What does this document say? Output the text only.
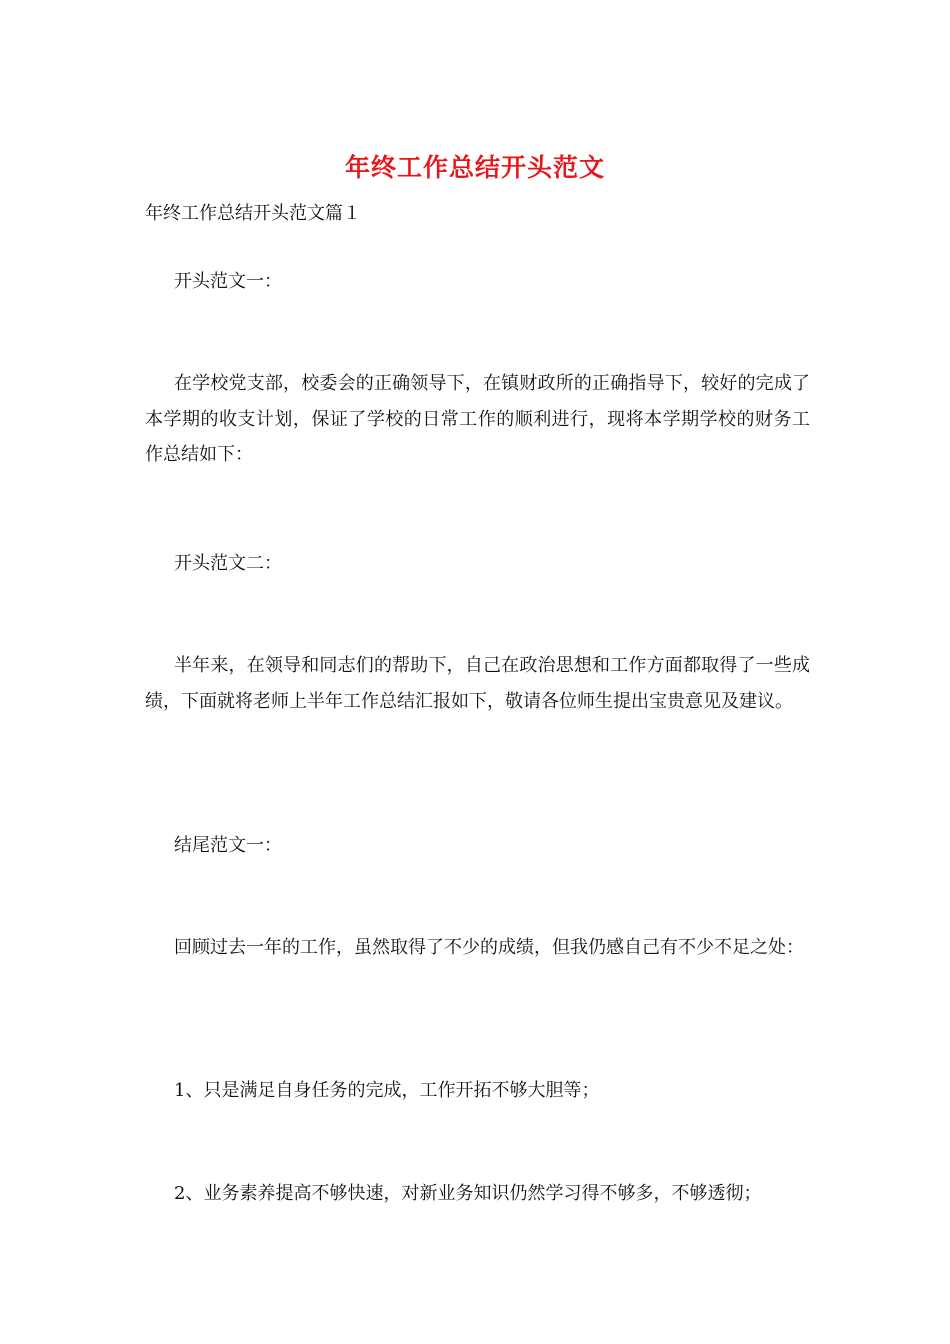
年终工作总结开头范文
年终工作总结开头范文篇１

开头范文一：

在学校党支部，校委会的正确领导下，在镇财政所的正确指导下，较好的完成了本学期的收支计划，保证了学校的日常工作的顺利进行，现将本学期学校的财务工作总结如下：

开头范文二：

半年来，在领导和同志们的帮助下，自己在政治思想和工作方面都取得了一些成绩，下面就将老师上半年工作总结汇报如下，敬请各位师生提出宝贵意见及建议。

结尾范文一：

回顾过去一年的工作，虽然取得了不少的成绩，但我仍感自己有不少不足之处：

1、只是满足自身任务的完成，工作开拓不够大胆等；

2、业务素养提高不够快速，对新业务知识仍然学习得不够多，不够透彻；
